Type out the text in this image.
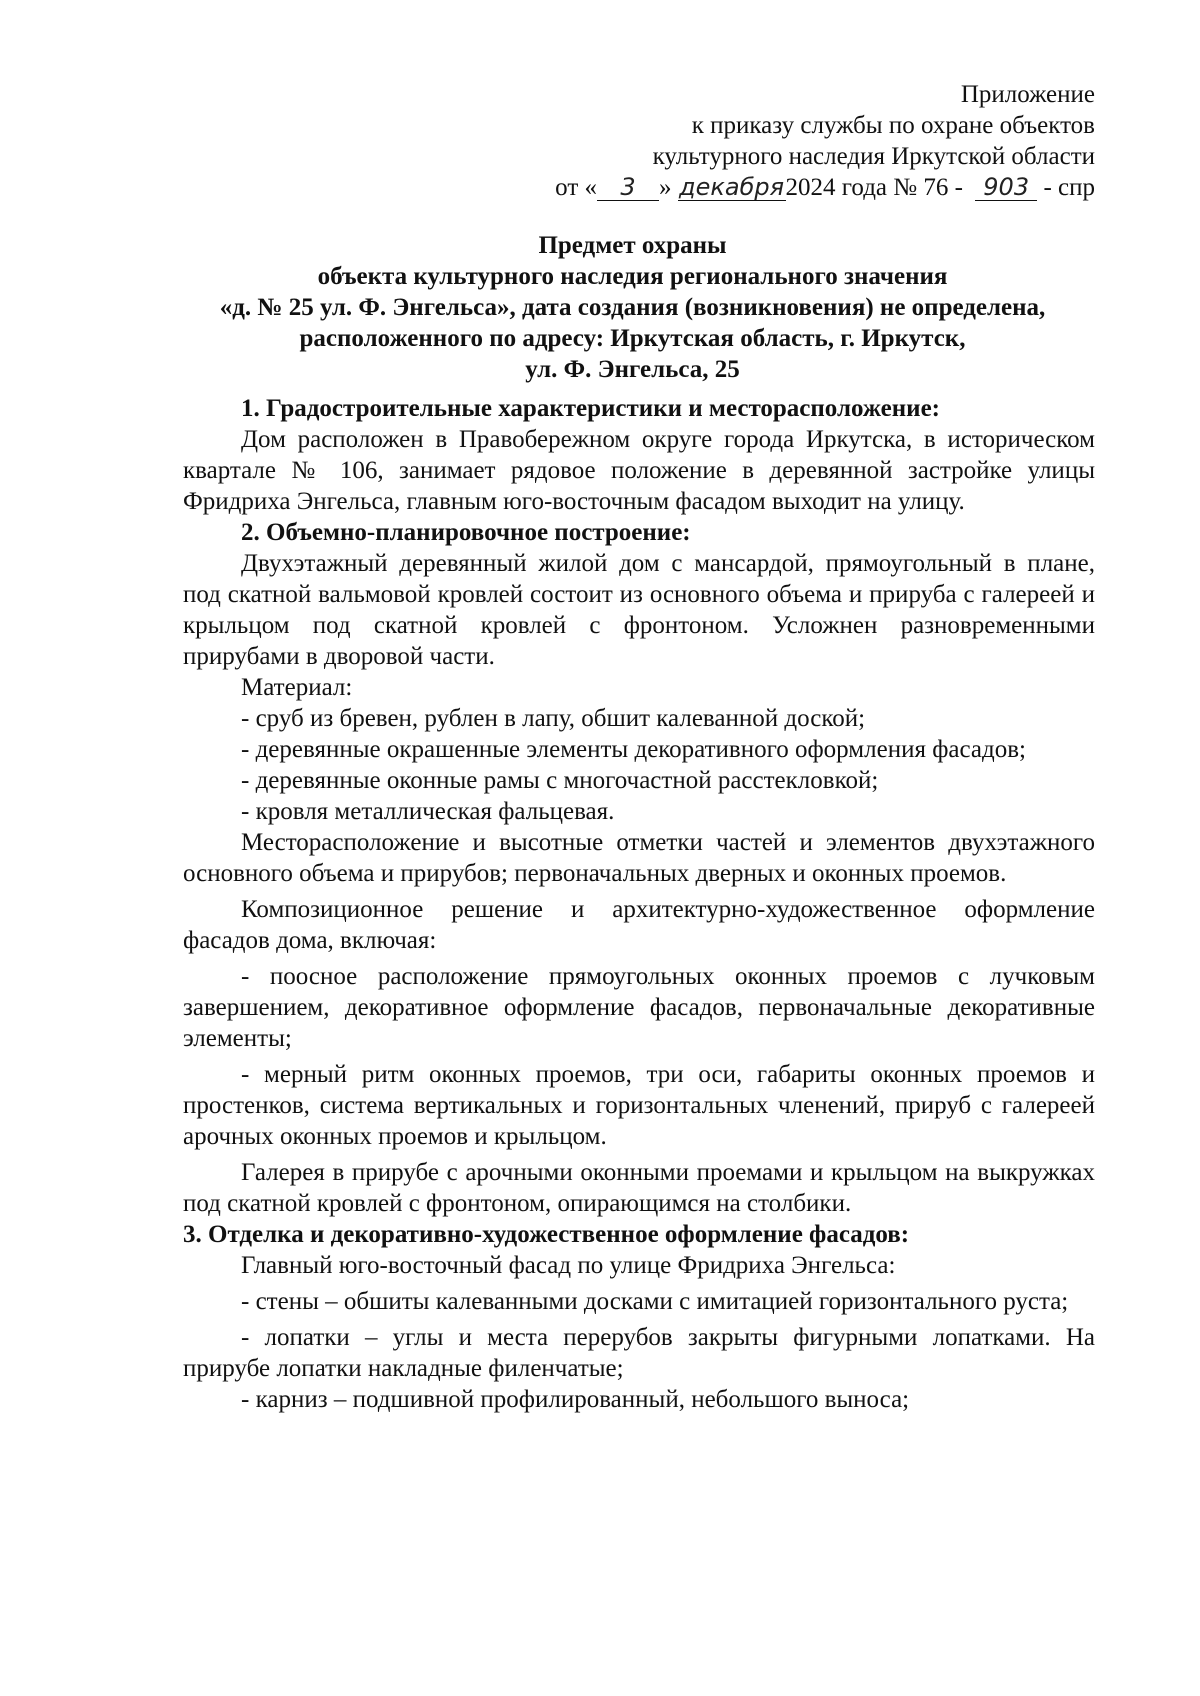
Приложение
к приказу службы по охране объектов
культурного наследия Иркутской области
от « 3 » декабря2024 года № 76 - 903 - спр
Предмет охраны
объекта культурного наследия регионального значения
«д. № 25 ул. Ф. Энгельса», дата создания (возникновения) не определена,
расположенного по адресу: Иркутская область, г. Иркутск,
ул. Ф. Энгельса, 25

1. Градостроительные характеристики и месторасположение:

Дом расположен в Правобережном округе города Иркутска, в историческом квартале № 106, занимает рядовое положение в деревянной застройке улицы Фридриха Энгельса, главным юго-восточным фасадом выходит на улицу.

2. Объемно-планировочное построение:

Двухэтажный деревянный жилой дом с мансардой, прямоугольный в плане, под скатной вальмовой кровлей состоит из основного объема и прируба с галереей и крыльцом под скатной кровлей с фронтоном. Усложнен разновременными прирубами в дворовой части.

Материал:

- сруб из бревен, рублен в лапу, обшит калеванной доской;

- деревянные окрашенные элементы декоративного оформления фасадов;

- деревянные оконные рамы с многочастной расстекловкой;

- кровля металлическая фальцевая.

Месторасположение и высотные отметки частей и элементов двухэтажного основного объема и прирубов; первоначальных дверных и оконных проемов.

Композиционное решение и архитектурно-художественное оформление фасадов дома, включая:

- поосное расположение прямоугольных оконных проемов с лучковым завершением, декоративное оформление фасадов, первоначальные декоративные элементы;

- мерный ритм оконных проемов, три оси, габариты оконных проемов и простенков, система вертикальных и горизонтальных членений, прируб с галереей арочных оконных проемов и крыльцом.

Галерея в прирубе с арочными оконными проемами и крыльцом на выкружках под скатной кровлей с фронтоном, опирающимся на столбики.

3. Отделка и декоративно-художественное оформление фасадов:

Главный юго-восточный фасад по улице Фридриха Энгельса:

- стены – обшиты калеванными досками с имитацией горизонтального руста;

- лопатки – углы и места перерубов закрыты фигурными лопатками. На прирубе лопатки накладные филенчатые;

- карниз – подшивной профилированный, небольшого выноса;
